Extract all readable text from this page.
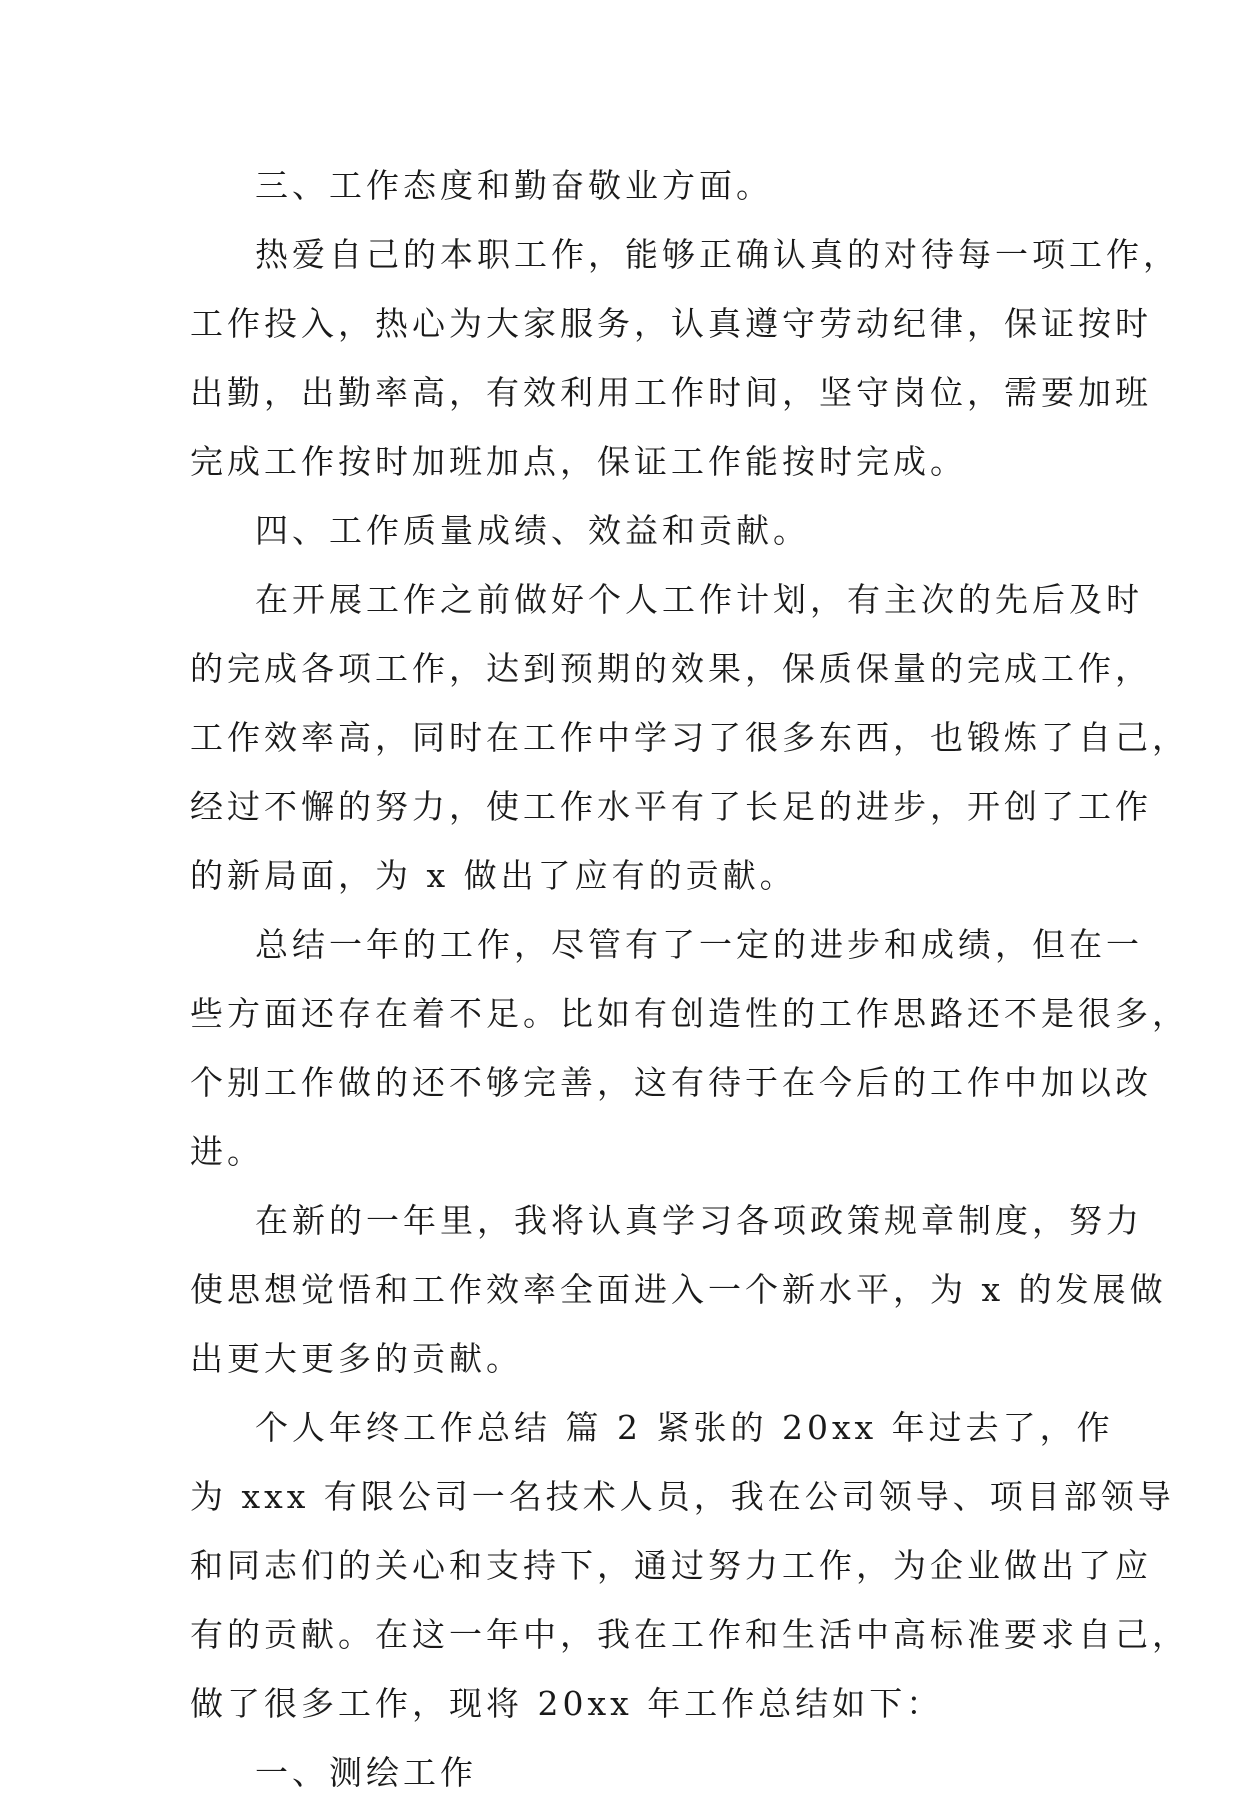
三、工作态度和勤奋敬业方面。
热爱自己的本职工作，能够正确认真的对待每一项工作，
工作投入，热心为大家服务，认真遵守劳动纪律，保证按时
出勤，出勤率高，有效利用工作时间，坚守岗位，需要加班
完成工作按时加班加点，保证工作能按时完成。
四、工作质量成绩、效益和贡献。
在开展工作之前做好个人工作计划，有主次的先后及时
的完成各项工作，达到预期的效果，保质保量的完成工作，
工作效率高，同时在工作中学习了很多东西，也锻炼了自己，
经过不懈的努力，使工作水平有了长足的进步，开创了工作
的新局面，为 x 做出了应有的贡献。
总结一年的工作，尽管有了一定的进步和成绩，但在一
些方面还存在着不足。比如有创造性的工作思路还不是很多，
个别工作做的还不够完善，这有待于在今后的工作中加以改
进。
在新的一年里，我将认真学习各项政策规章制度，努力
使思想觉悟和工作效率全面进入一个新水平，为 x 的发展做
出更大更多的贡献。
个人年终工作总结 篇 2 紧张的 20xx 年过去了，作
为 xxx 有限公司一名技术人员，我在公司领导、项目部领导
和同志们的关心和支持下，通过努力工作，为企业做出了应
有的贡献。在这一年中，我在工作和生活中高标准要求自己，
做了很多工作，现将 20xx 年工作总结如下：
一、测绘工作
